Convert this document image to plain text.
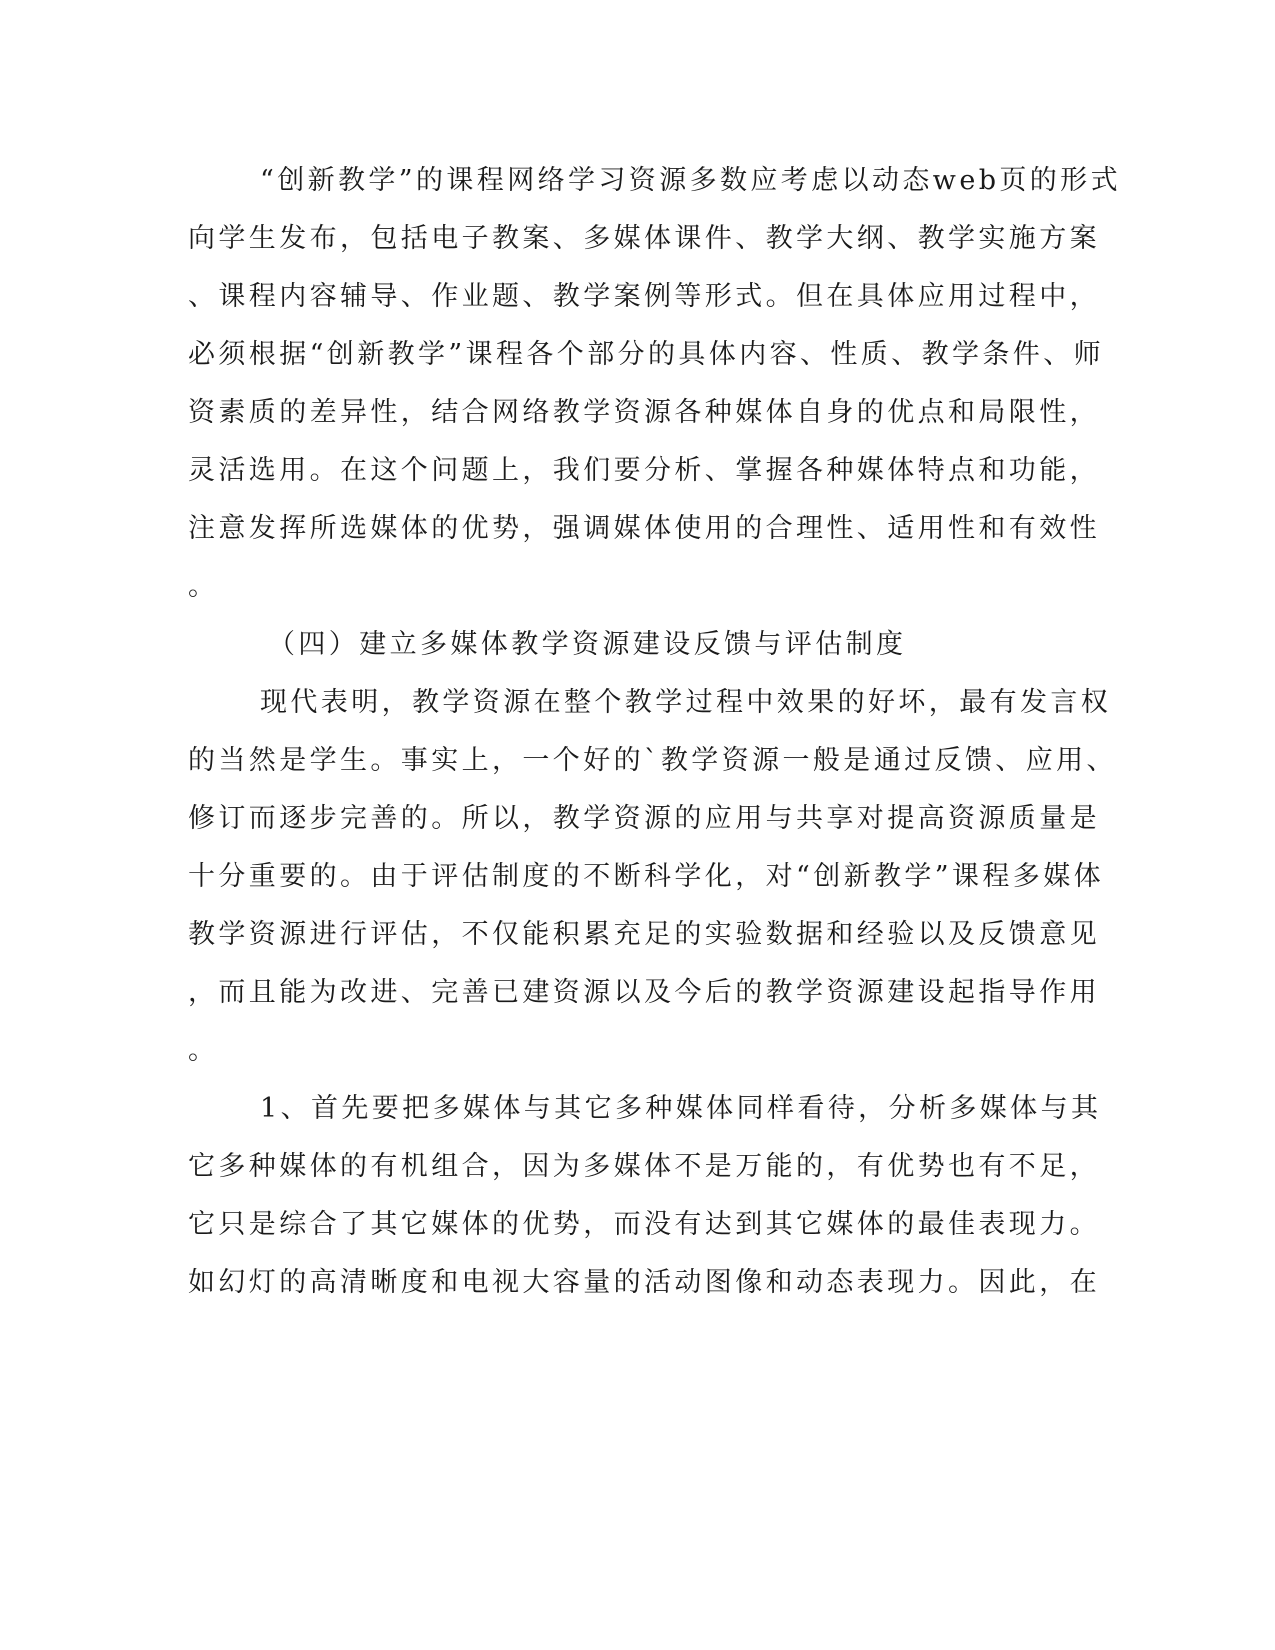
“创新教学”的课程网络学习资源多数应考虑以动态web页的形式
向学生发布，包括电子教案、多媒体课件、教学大纲、教学实施方案
、课程内容辅导、作业题、教学案例等形式。但在具体应用过程中，
必须根据“创新教学”课程各个部分的具体内容、性质、教学条件、师
资素质的差异性，结合网络教学资源各种媒体自身的优点和局限性，
灵活选用。在这个问题上，我们要分析、掌握各种媒体特点和功能，
注意发挥所选媒体的优势，强调媒体使用的合理性、适用性和有效性
。
（四）建立多媒体教学资源建设反馈与评估制度
现代表明，教学资源在整个教学过程中效果的好坏，最有发言权
的当然是学生。事实上，一个好的`教学资源一般是通过反馈、应用、
修订而逐步完善的。所以，教学资源的应用与共享对提高资源质量是
十分重要的。由于评估制度的不断科学化，对“创新教学”课程多媒体
教学资源进行评估，不仅能积累充足的实验数据和经验以及反馈意见
，而且能为改进、完善已建资源以及今后的教学资源建设起指导作用
。
1、首先要把多媒体与其它多种媒体同样看待，分析多媒体与其
它多种媒体的有机组合，因为多媒体不是万能的，有优势也有不足，
它只是综合了其它媒体的优势，而没有达到其它媒体的最佳表现力。
如幻灯的高清晰度和电视大容量的活动图像和动态表现力。因此，在
